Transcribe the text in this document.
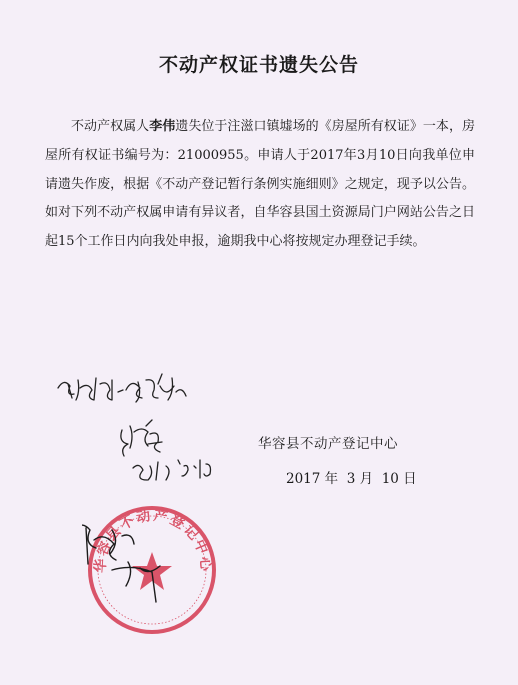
不动产权证书遗失公告

不动产权属人李伟遗失位于注滋口镇墟场的《房屋所有权证》一本，房屋所有权证书编号为：21000955。申请人于2017年3月10日向我单位申请遗失作废，根据《不动产登记暂行条例实施细则》之规定，现予以公告。如对下列不动产权属申请有异议者，自华容县国土资源局门户网站公告之日起15个工作日内向我处申报，逾期我中心将按规定办理登记手续。

华容县不动产登记中心
2017 年  3 月  10 日
华容县不动产登记中心
